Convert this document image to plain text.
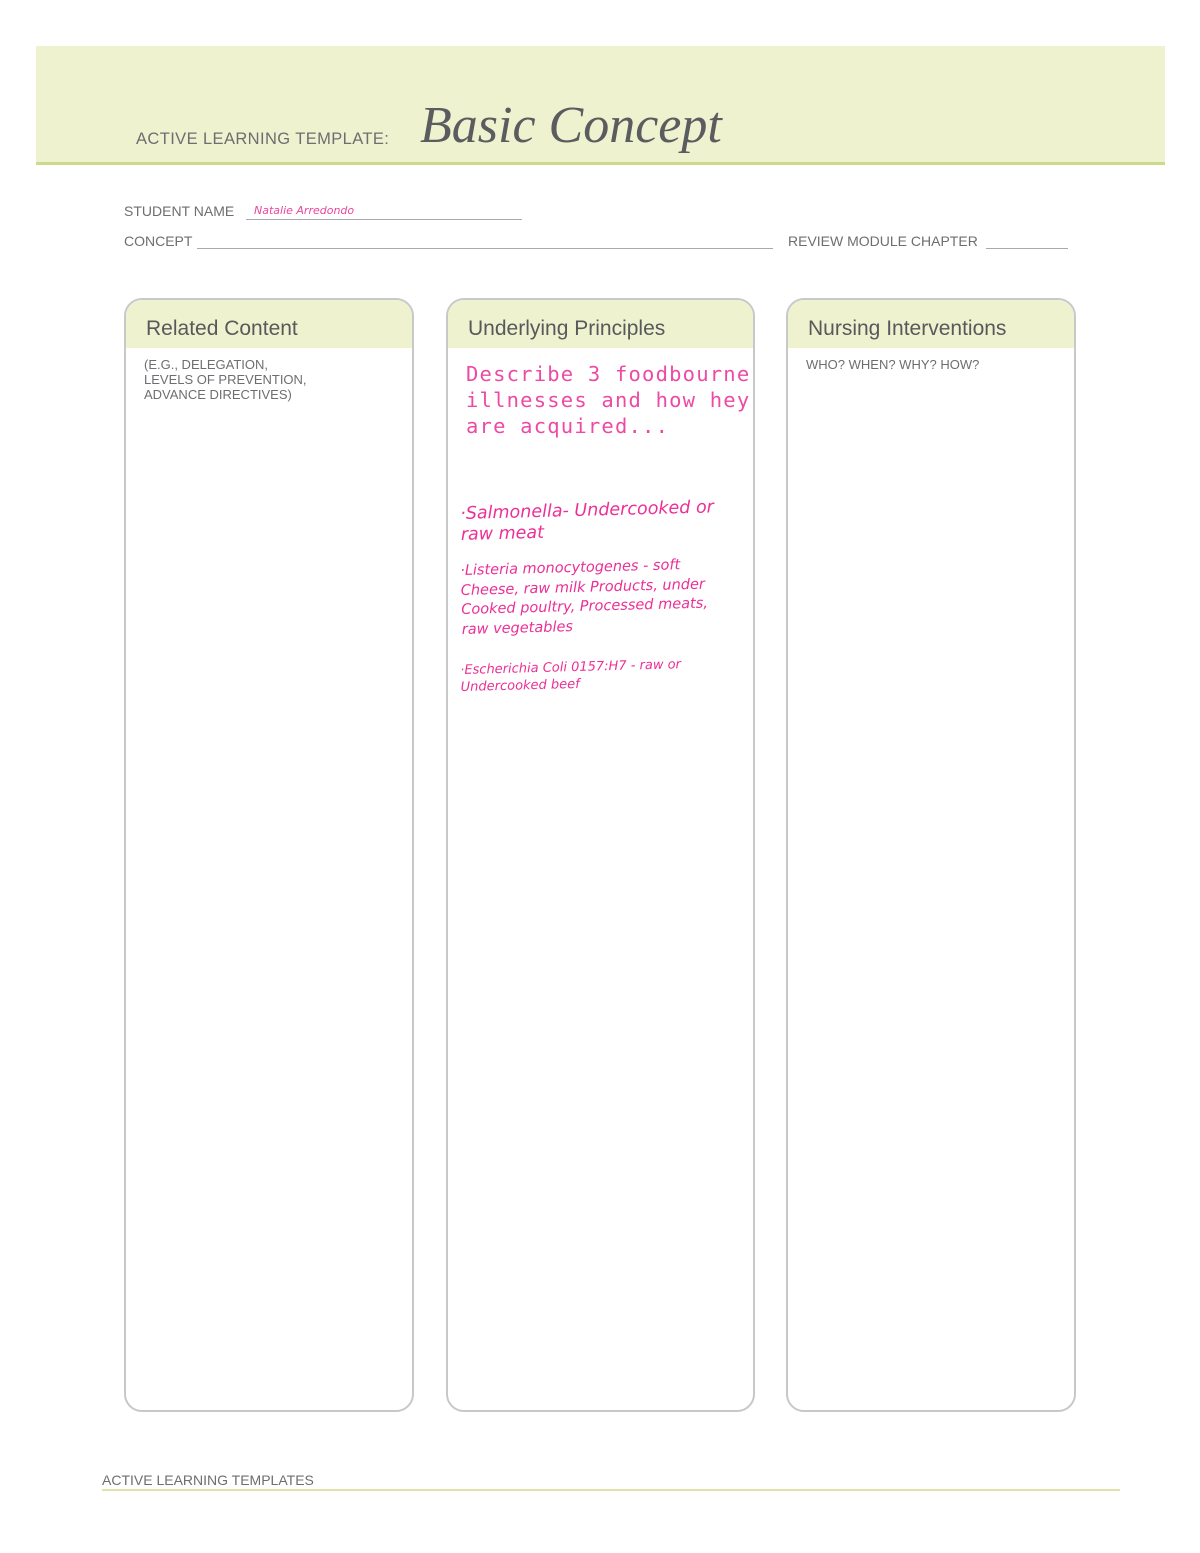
ACTIVE LEARNING TEMPLATE: Basic Concept
STUDENT NAME Natalie Arredondo
CONCEPT	REVIEW MODULE CHAPTER
Related Content
(E.G., DELEGATION,
LEVELS OF PREVENTION,
ADVANCE DIRECTIVES)
Underlying Principles
Describe 3 foodbourne
illnesses and how hey
are acquired...
·Salmonella- Undercooked or
raw meat
·Listeria monocytogenes - soft
Cheese, raw milk Products, under
Cooked poultry, Processed meats,
raw vegetables
·Escherichia Coli 0157:H7 - raw or
Undercooked beef
Nursing Interventions
WHO? WHEN? WHY? HOW?
ACTIVE LEARNING TEMPLATES
